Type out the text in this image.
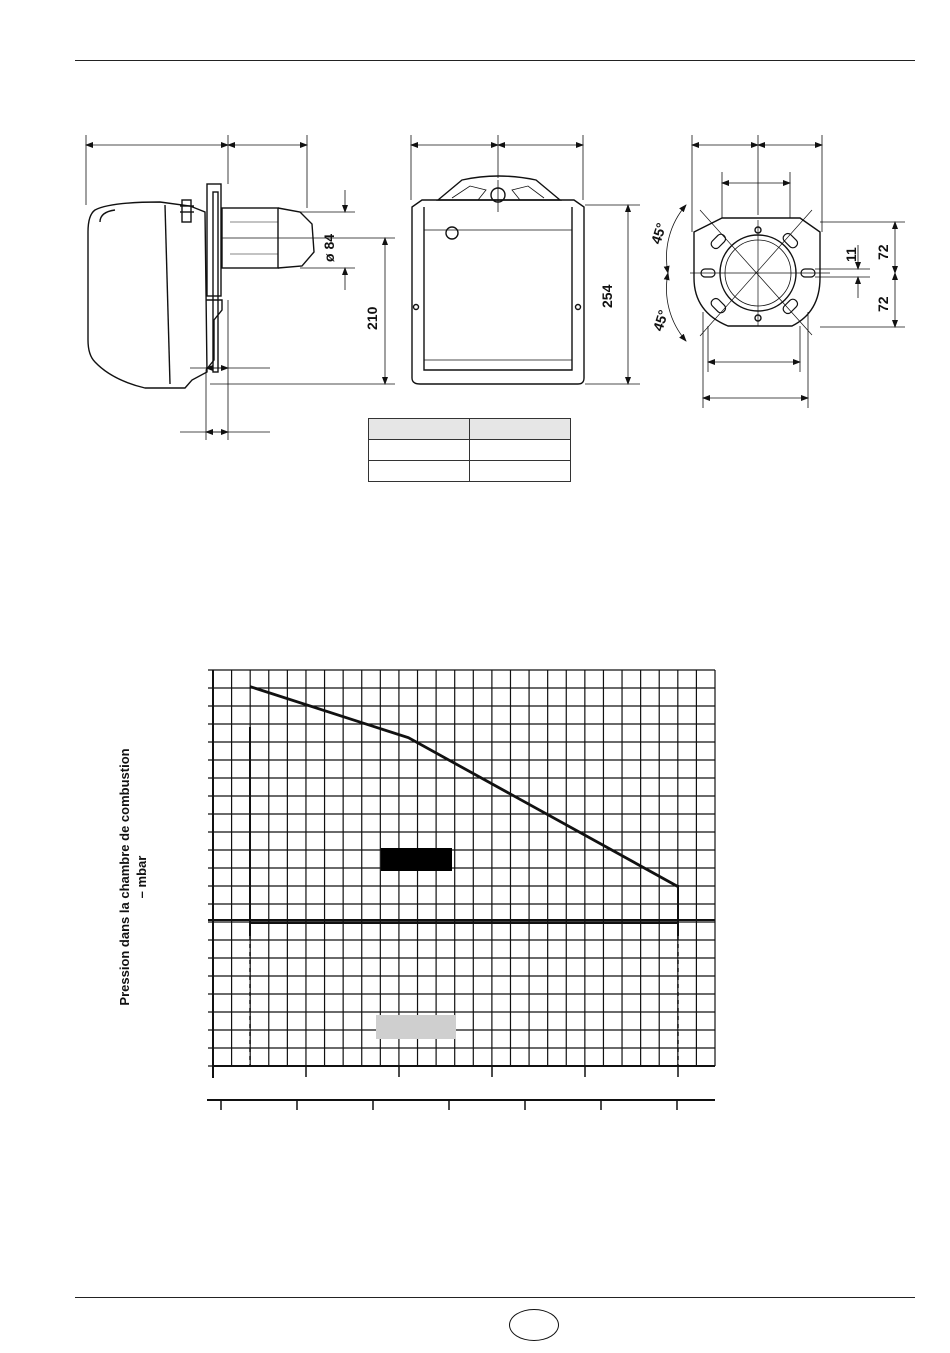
ø 84
210
254
45°
45°
11 72
72

Pression dans la chambre de combustion – mbar
